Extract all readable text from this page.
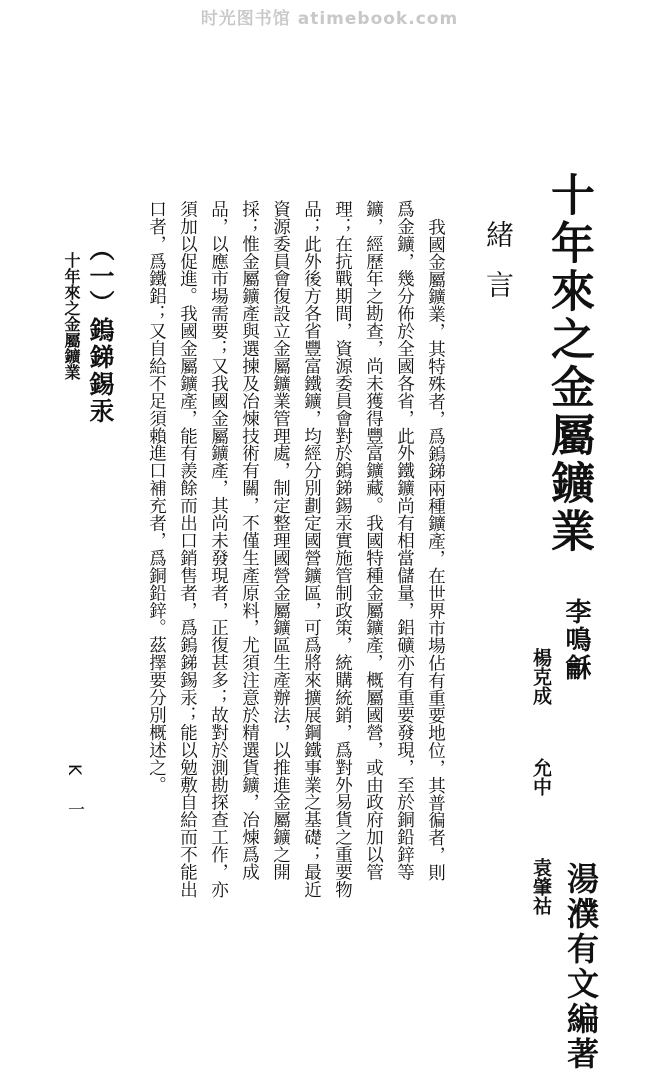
时光图书馆 atimebook.com
十年來之金屬鑛業
李鳴龢
楊克成
允中
袁肇祜 湯濮有文編著
緒言
我國金屬鑛業，其特殊者，爲鎢銻兩種鑛產，在世界市場佔有重要地位，其普徧者，則
爲金鑛，幾分佈於全國各省，此外鐵鑛尚有相當儲量，鋁礦亦有重要發現，至於銅鉛鋅等
鑛，經歷年之勘查，尚未獲得豐富鑛藏。我國特種金屬鑛產，概屬國營，或由政府加以管
理；在抗戰期間，資源委員會對於鎢銻錫汞實施管制政策，統購統銷，爲對外易貨之重要物
品；此外後方各省豐富鐵鑛，均經分別劃定國營鑛區，可爲將來擴展鋼鐵事業之基礎；最近
資源委員會復設立金屬鑛業管理處，制定整理國營金屬鑛區生產辦法，以推進金屬鑛之開
採；惟金屬鑛產與選揀及冶煉技術有關，不僅生產原料，尤須注意於精選貨鑛，冶煉爲成
品，以應市場需要；又我國金屬鑛產，其尚未發現者，正復甚多；故對於測勘探查工作，亦
須加以促進。我國金屬鑛產，能有羨餘而出口銷售者，爲鎢銻錫汞；能以勉敷自給而不能出
口者，爲鐵鋁；又自給不足須賴進口補充者，爲銅鉛鋅。茲擇要分別概述之。
（一）鎢銻錫汞
十年來之金屬鑛業
K 一
